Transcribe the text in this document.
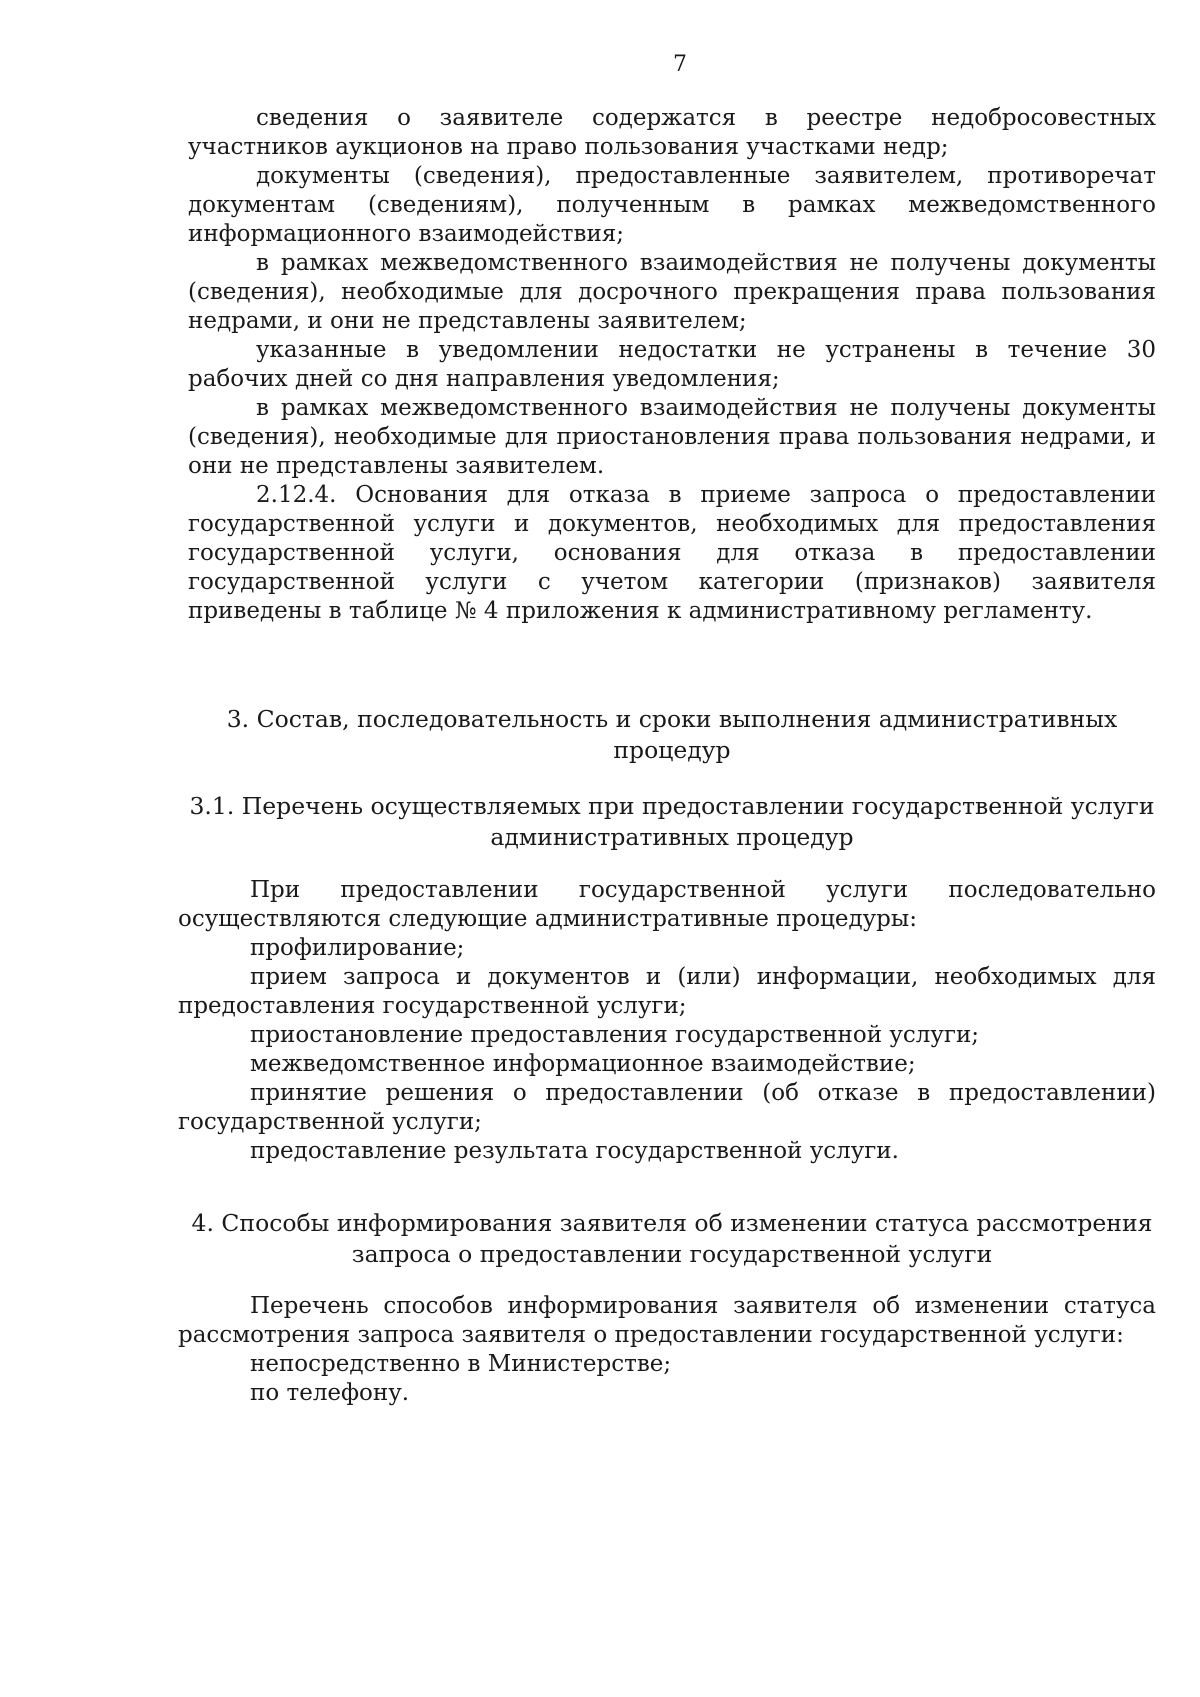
7

сведения о заявителе содержатся в реестре недобросовестных участников аукционов на право пользования участками недр;

документы (сведения), предоставленные заявителем, противоречат документам (сведениям), полученным в рамках межведомственного информационного взаимодействия;

в рамках межведомственного взаимодействия не получены документы (сведения), необходимые для досрочного прекращения права пользования недрами, и они не представлены заявителем;

указанные в уведомлении недостатки не устранены в течение 30 рабочих дней со дня направления уведомления;

в рамках межведомственного взаимодействия не получены документы (сведения), необходимые для приостановления права пользования недрами, и они не представлены заявителем.

2.12.4. Основания для отказа в приеме запроса о предоставлении государственной услуги и документов, необходимых для предоставления государственной услуги, основания для отказа в предоставлении государственной услуги с учетом категории (признаков) заявителя приведены в таблице № 4 приложения к административному регламенту.

3. Состав, последовательность и сроки выполнения административных
процедур
3.1. Перечень осуществляемых при предоставлении государственной услуги
административных процедур

При предоставлении государственной услуги последовательно осуществляются следующие административные процедуры:

профилирование;

прием запроса и документов и (или) информации, необходимых для предоставления государственной услуги;

приостановление предоставления государственной услуги;

межведомственное информационное взаимодействие;

принятие решения о предоставлении (об отказе в предоставлении) государственной услуги;

предоставление результата государственной услуги.

4. Способы информирования заявителя об изменении статуса рассмотрения
запроса о предоставлении государственной услуги

Перечень способов информирования заявителя об изменении статуса рассмотрения запроса заявителя о предоставлении государственной услуги:

непосредственно в Министерстве;

по телефону.
